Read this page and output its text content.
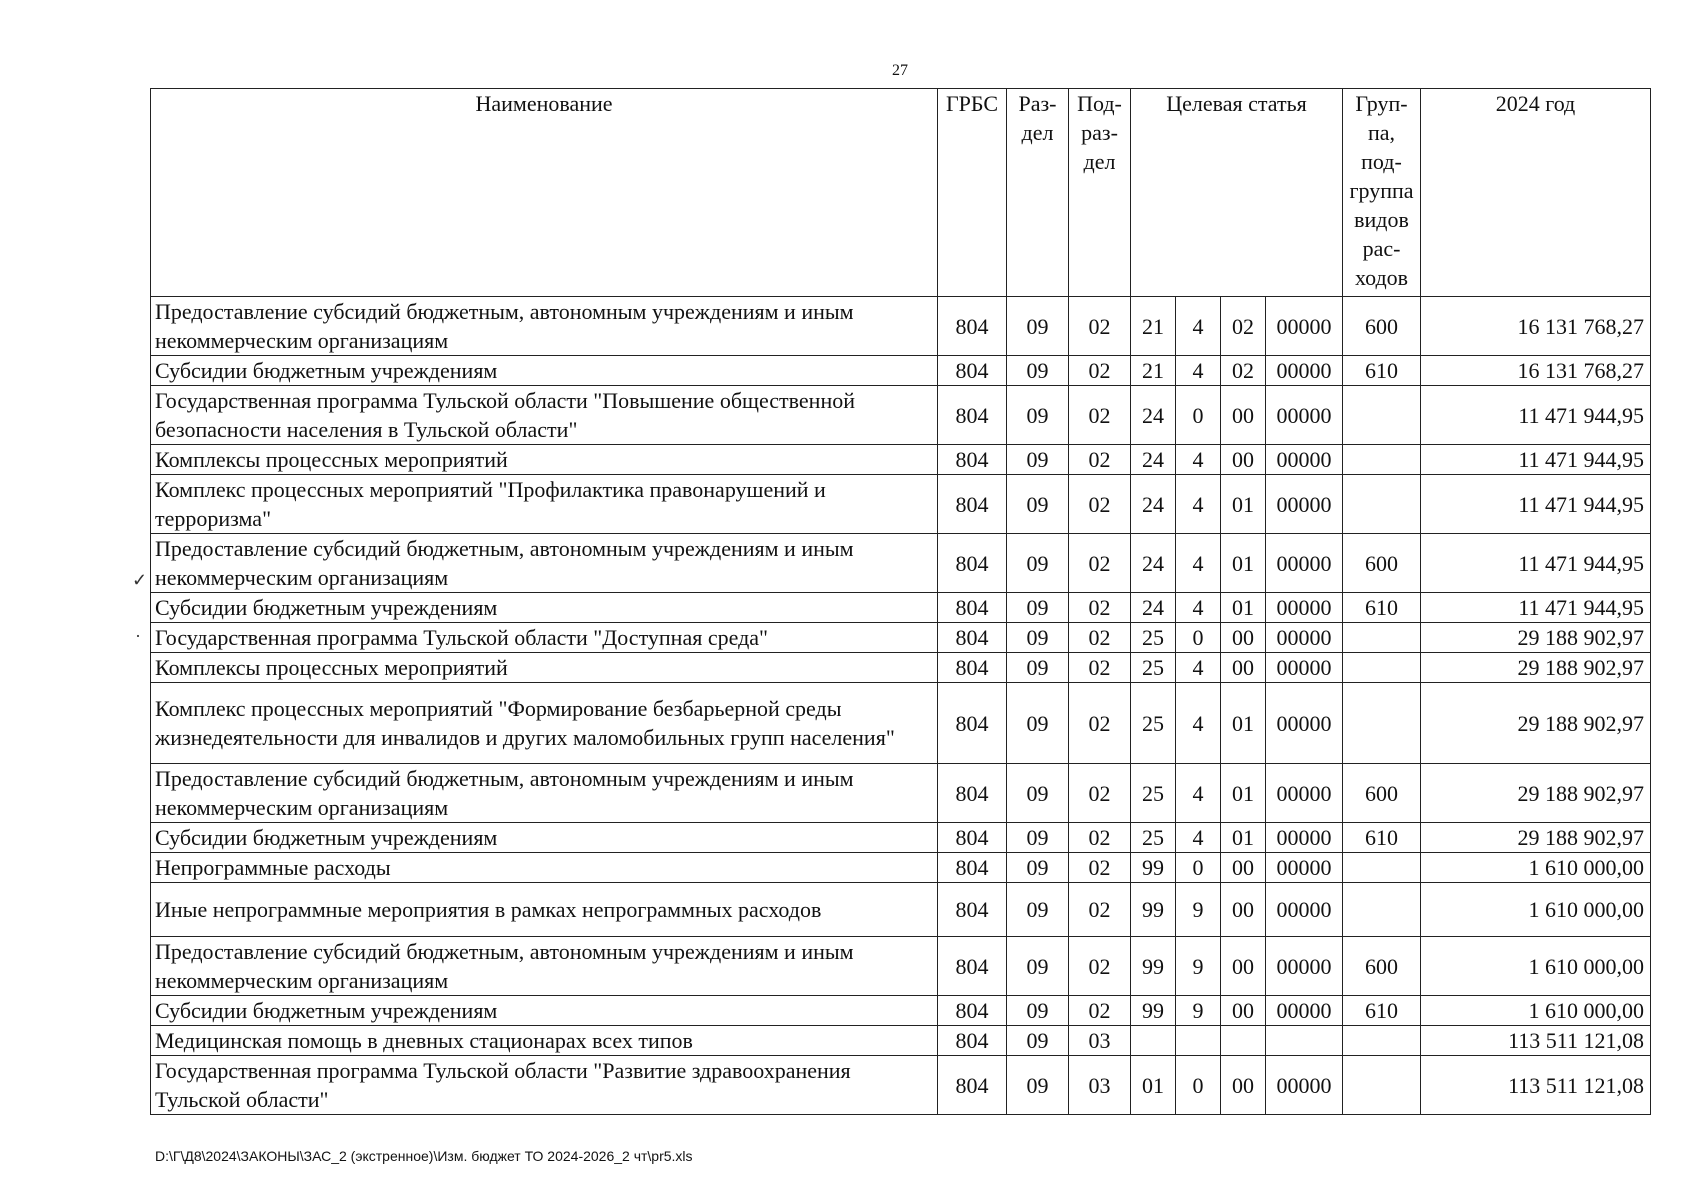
27
✓
·
Наименование	ГРБС	Раз- дел	Под- раз- дел	Целевая статья				Груп- па, под- группа видов рас- ходов	2024 год
Предоставление субсидий бюджетным, автономным учреждениям и иным некоммерческим организациям	804	09	02	21	4	02	00000	600	16 131 768,27
Субсидии бюджетным учреждениям	804	09	02	21	4	02	00000	610	16 131 768,27
Государственная программа Тульской области "Повышение общественной безопасности населения в Тульской области"	804	09	02	24	0	00	00000		11 471 944,95
Комплексы процессных мероприятий	804	09	02	24	4	00	00000		11 471 944,95
Комплекс процессных мероприятий "Профилактика правонарушений и терроризма"	804	09	02	24	4	01	00000		11 471 944,95
Предоставление субсидий бюджетным, автономным учреждениям и иным некоммерческим организациям	804	09	02	24	4	01	00000	600	11 471 944,95
Субсидии бюджетным учреждениям	804	09	02	24	4	01	00000	610	11 471 944,95
Государственная программа Тульской области "Доступная среда"	804	09	02	25	0	00	00000		29 188 902,97
Комплексы процессных мероприятий	804	09	02	25	4	00	00000		29 188 902,97
Комплекс процессных мероприятий "Формирование безбарьерной среды жизнедеятельности для инвалидов и других маломобильных групп населения"	804	09	02	25	4	01	00000		29 188 902,97
Предоставление субсидий бюджетным, автономным учреждениям и иным некоммерческим организациям	804	09	02	25	4	01	00000	600	29 188 902,97
Субсидии бюджетным учреждениям	804	09	02	25	4	01	00000	610	29 188 902,97
Непрограммные расходы	804	09	02	99	0	00	00000		1 610 000,00
Иные непрограммные мероприятия в рамках непрограммных расходов	804	09	02	99	9	00	00000		1 610 000,00
Предоставление субсидий бюджетным, автономным учреждениям и иным некоммерческим организациям	804	09	02	99	9	00	00000	600	1 610 000,00
Субсидии бюджетным учреждениям	804	09	02	99	9	00	00000	610	1 610 000,00
Медицинская помощь в дневных стационарах всех типов	804	09	03						113 511 121,08
Государственная программа Тульской области "Развитие здравоохранения Тульской области"	804	09	03	01	0	00	00000		113 511 121,08
D:\Г\Д8\2024\ЗАКОНЫ\ЗАС_2 (экстренное)\Изм. бюджет ТО 2024-2026_2 чт\pr5.xls
